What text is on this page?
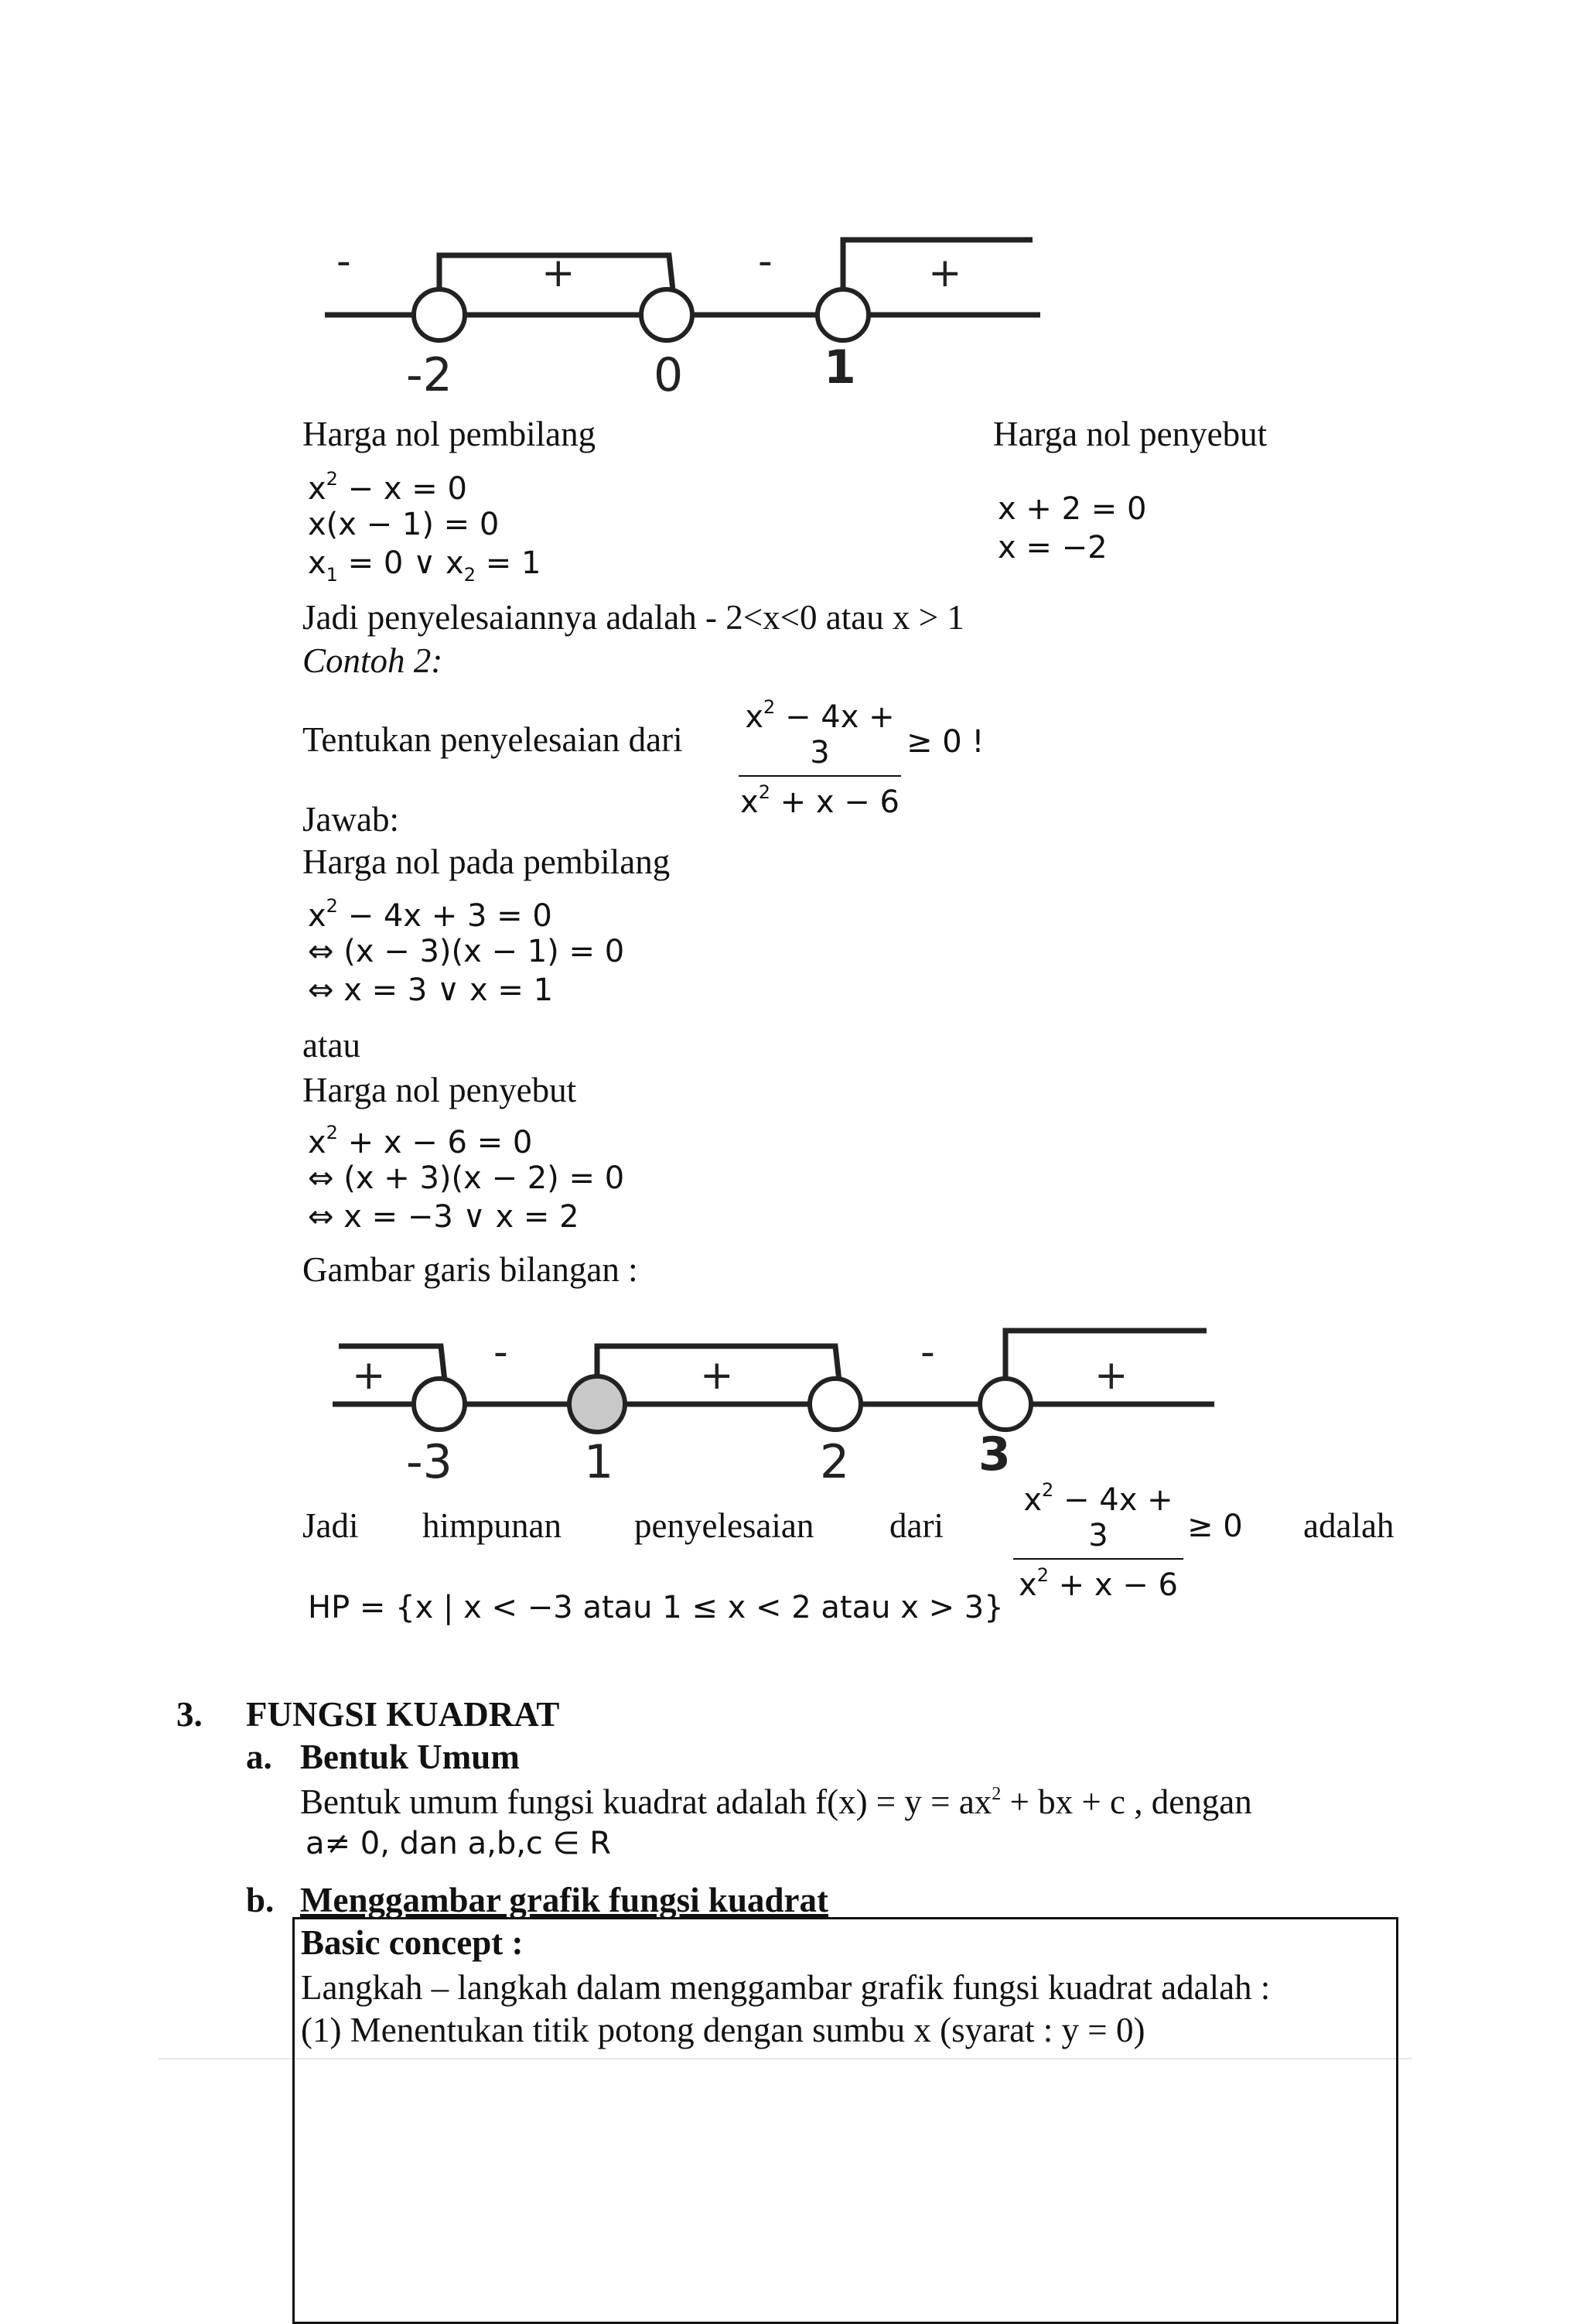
-	+	-	+
-2	0	1
Harga nol pembilang	Harga nol penyebut
$x^2 - x = 0$
x(x − 1) = 0
$x_1 = 0$ ∨ $x_2 = 1$
x + 2 = 0
x = −2
Jadi penyelesaiannya adalah - 2<x<0 atau x > 1
Contoh 2:
Tentukan penyelesaian dari
$x^2 - 4x + 3$
$x^2 + x - 6$
≥ 0 !
Jawab:
Harga nol pada pembilang
$x^2 - 4x + 3 = 0$
⇔ (x − 3)(x − 1) = 0
⇔ x = 3 ∨ x = 1
atau
Harga nol penyebut
$x^2 + x - 6 = 0$
⇔ (x + 3)(x − 2) = 0
⇔ x = −3 ∨ x = 2
Gambar garis bilangan :
+	-	+	-	+
-3	1	2	3
Jadi himpunan penyelesaian dari
$x^2 - 4x + 3$
$x^2 + x - 6$
≥ 0 adalah
HP = {x | x < −3 atau 1 ≤ x < 2 atau x > 3}
3. FUNGSI KUADRAT
a. Bentuk Umum
Bentuk umum fungsi kuadrat adalah $f(x) = y = ax^2$ + bx + c , dengan
a≠ 0, dan a,b,c ∈ R
b. Menggambar grafik fungsi kuadrat
Basic concept :
Langkah – langkah dalam menggambar grafik fungsi kuadrat adalah :
(1) Menentukan titik potong dengan sumbu x (syarat : y = 0)
